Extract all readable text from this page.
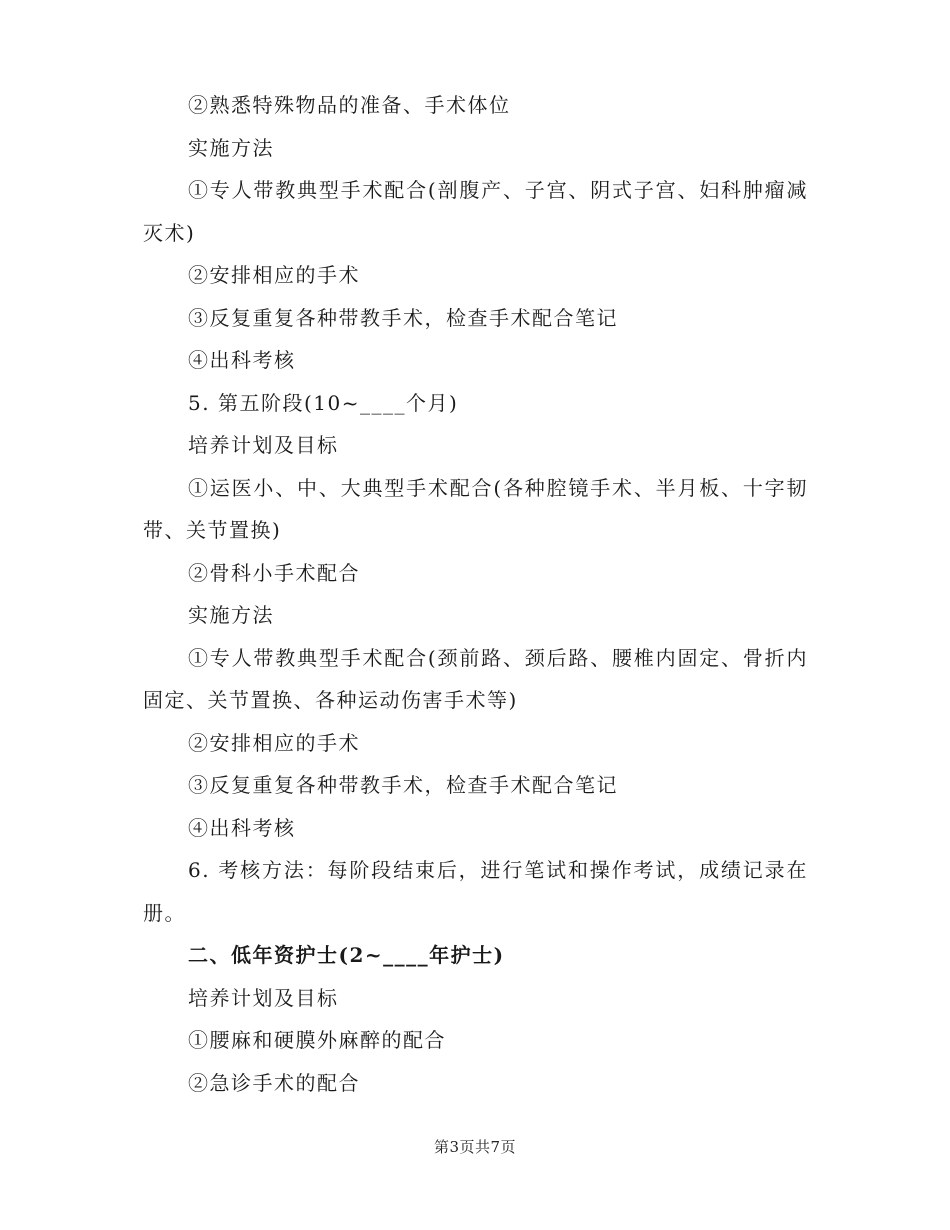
②熟悉特殊物品的准备、手术体位
实施方法
①专人带教典型手术配合(剖腹产、子宫、阴式子宫、妇科肿瘤减
灭术)
②安排相应的手术
③反复重复各种带教手术，检查手术配合笔记
④出科考核
5. 第五阶段(10~____个月)
培养计划及目标
①运医小、中、大典型手术配合(各种腔镜手术、半月板、十字韧
带、关节置换)
②骨科小手术配合
实施方法
①专人带教典型手术配合(颈前路、颈后路、腰椎内固定、骨折内
固定、关节置换、各种运动伤害手术等)
②安排相应的手术
③反复重复各种带教手术，检查手术配合笔记
④出科考核
6. 考核方法：每阶段结束后，进行笔试和操作考试，成绩记录在
册。
二、低年资护士(2~____年护士)
培养计划及目标
①腰麻和硬膜外麻醉的配合
②急诊手术的配合
第3页共7页
